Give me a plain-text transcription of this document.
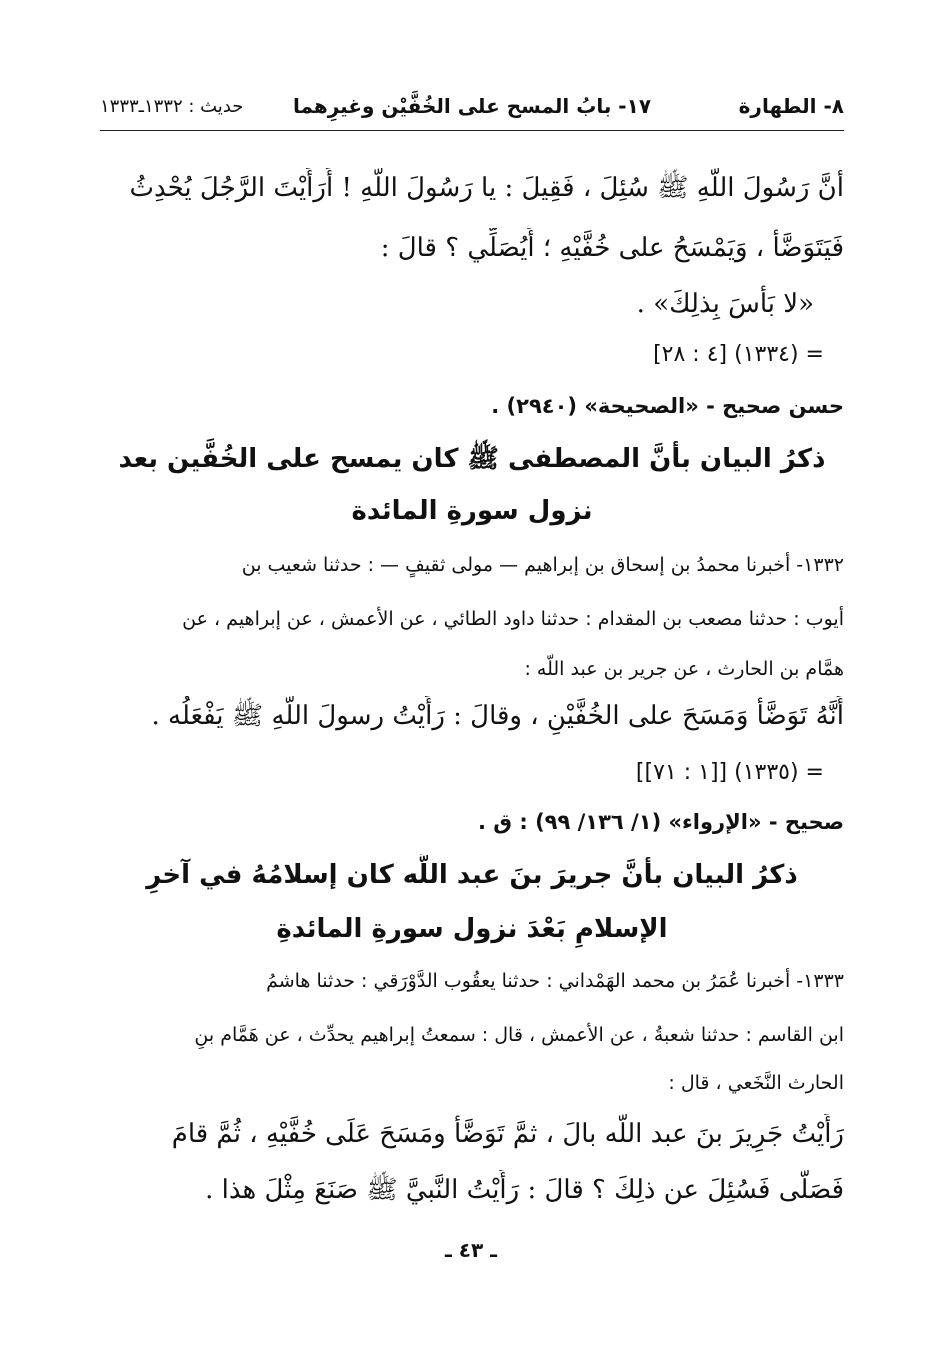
٨- الطهارة
١٧- بابُ المسح على الخُفَّيْن وغيرِهما
حديث : ١٣٣٢ـ١٣٣٣
أنَّ رَسُولَ اللَّهِ ﷺ سُئِلَ ، فَقِيلَ : يا رَسُولَ اللَّهِ ! أَرَأَيْتَ الرَّجُلَ يُحْدِثُ
فَيَتَوَضَّأُ ، وَيَمْسَحُ على خُفَّيْهِ ؛ أَيُصَلِّي ؟ قالَ :
«لا بَأْسَ بِذلِكَ» .
= (١٣٣٤) [٤ : ٢٨]
حسن صحيح - «الصحيحة» (٢٩٤٠) .
ذكرُ البيان بأنَّ المصطفى ﷺ كان يمسح على الخُفَّين بعد
نزول سورةِ المائدة
١٣٣٢- أخبرنا محمدُ بن إسحاق بن إبراهيم — مولى ثقيفٍ — : حدثنا شعيب بن
أيوب : حدثنا مصعب بن المقدام : حدثنا داود الطائي ، عن الأعمش ، عن إبراهيم ، عن
همَّام بن الحارث ، عن جرير بن عبد اللَّه :
أَنَّهُ تَوَضَّأَ وَمَسَحَ على الخُفَّيْنِ ، وقالَ : رَأَيْتُ رسولَ اللَّهِ ﷺ يَفْعَلُه .
= (١٣٣٥) [[١ : ٧١]]
صحيح - «الإرواء» (١/ ١٣٦/ ٩٩) : ق .
ذكرُ البيان بأنَّ جريرَ بنَ عبد اللَّه كان إسلامُهُ في آخرِ
الإسلامِ بَعْدَ نزول سورةِ المائدةِ
١٣٣٣- أخبرنا عُمَرُ بن محمد الهَمْداني : حدثنا يعقُوب الدَّوْرَقي : حدثنا هاشمُ
ابن القاسم : حدثنا شعبةُ ، عن الأعمش ، قال : سمعتُ إبراهيم يحدِّث ، عن هَمَّام بنِ
الحارث النَّخَعي ، قال :
رَأَيْتُ جَرِيرَ بنَ عبد اللَّه بالَ ، ثمَّ تَوَضَّأَ ومَسَحَ عَلَى خُفَّيْهِ ، ثُمَّ قامَ
فَصَلَّى فَسُئِلَ عن ذلِكَ ؟ قالَ : رَأَيْتُ النَّبيَّ ﷺ صَنَعَ مِثْلَ هذا .
ـ ٤٣ ـ
